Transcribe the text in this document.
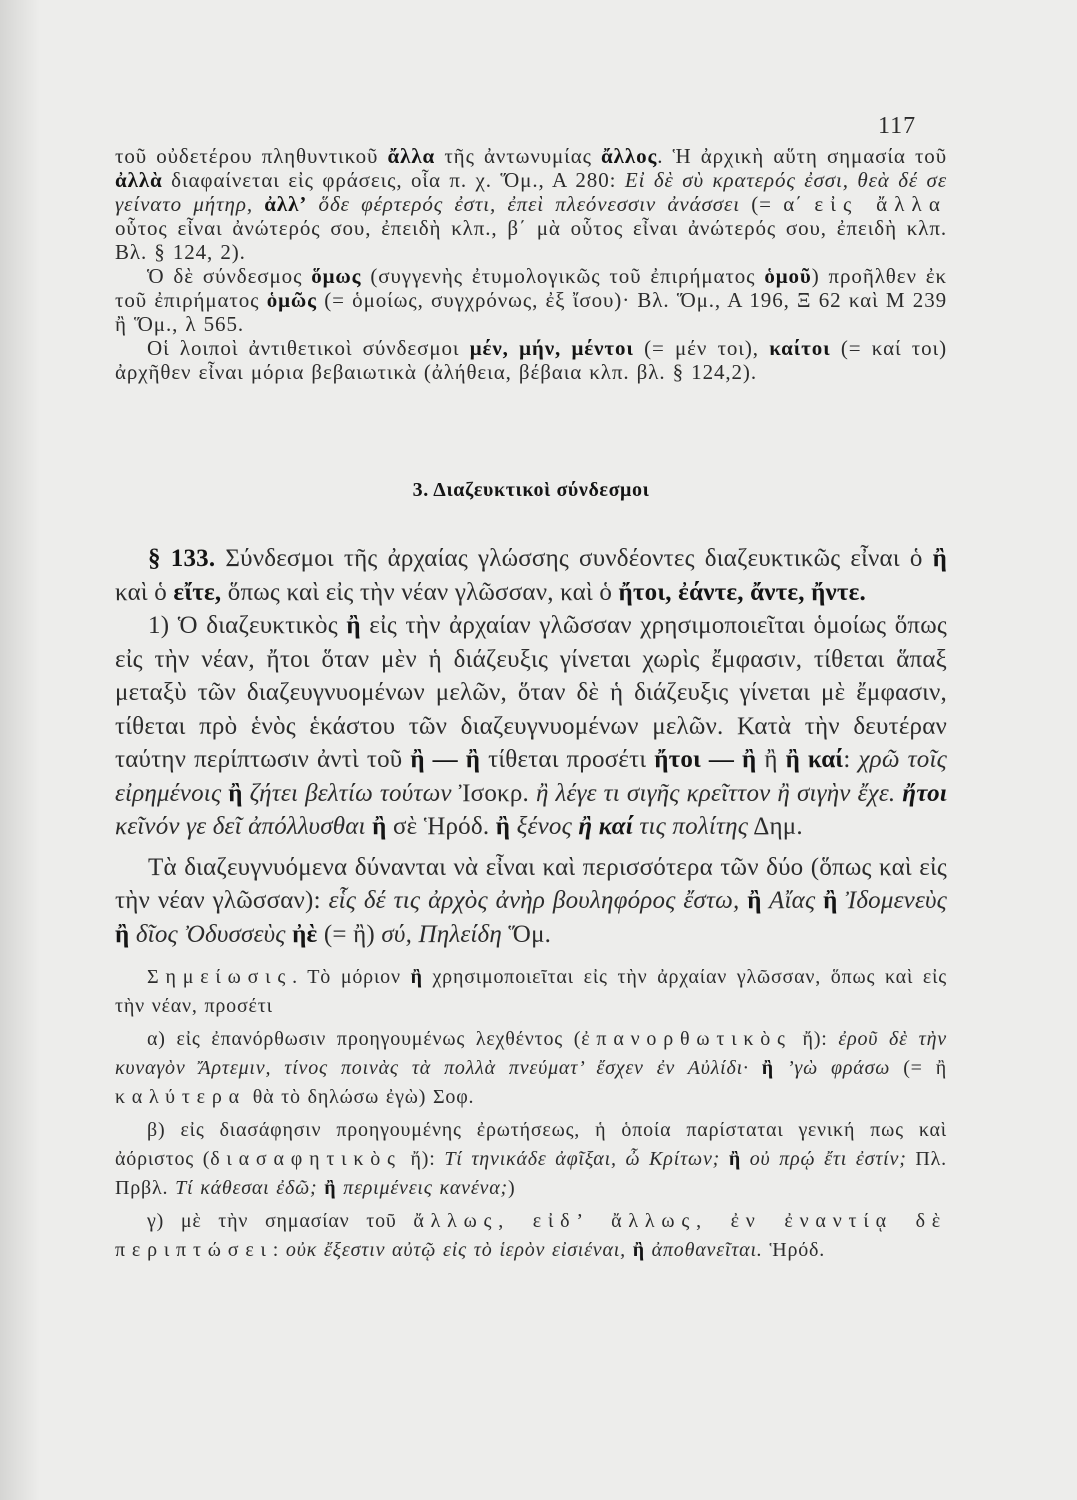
117

τοῦ οὐδετέρου πληθυντικοῦ ἄλλα τῆς ἀντωνυμίας ἄλλος. Ἡ ἀρχικὴ αὕτη σημασία τοῦ ἀλλὰ διαφαίνεται εἰς φράσεις, οἷα π. χ. Ὅμ., Α 280: Εἰ δὲ σὺ κρατερός ἐσσι, θεὰ δέ σε γείνατο μήτηρ, ἀλλ’ ὅδε φέρτερός ἐστι, ἐπεὶ πλεόνεσσιν ἀνάσσει (= α΄ εἰς ἄλλα οὗτος εἶναι ἀνώτερός σου, ἐπειδὴ κλπ., β΄ μὰ οὗτος εἶναι ἀνώτερός σου, ἐπειδὴ κλπ. Βλ. § 124, 2).

Ὁ δὲ σύνδεσμος ὅμως (συγγενὴς ἐτυμολογικῶς τοῦ ἐπιρήματος ὁμοῦ) προῆλθεν ἐκ τοῦ ἐπιρήματος ὁμῶς (= ὁμοίως, συγχρόνως, ἐξ ἴσου)· Βλ. Ὅμ., Α 196, Ξ 62 καὶ Μ 239 ἢ Ὅμ., λ 565.

Οἱ λοιποὶ ἀντιθετικοὶ σύνδεσμοι μέν, μήν, μέντοι (= μέν τοι), καίτοι (= καί τοι) ἀρχῆθεν εἶναι μόρια βεβαιωτικὰ (ἀλήθεια, βέβαια κλπ. βλ. § 124,2).

3. Διαζευκτικοὶ σύνδεσμοι

§ 133. Σύνδεσμοι τῆς ἀρχαίας γλώσσης συνδέοντες διαζευκτικῶς εἶναι ὁ ἢ καὶ ὁ εἴτε, ὅπως καὶ εἰς τὴν νέαν γλῶσσαν, καὶ ὁ ἤτοι, ἐάντε, ἄντε, ἤντε.

1) Ὁ διαζευκτικὸς ἢ εἰς τὴν ἀρχαίαν γλῶσσαν χρησιμοποιεῖται ὁμοίως ὅπως εἰς τὴν νέαν, ἤτοι ὅταν μὲν ἡ διάζευξις γίνεται χωρὶς ἔμφασιν, τίθεται ἅπαξ μεταξὺ τῶν διαζευγνυομένων μελῶν, ὅταν δὲ ἡ διάζευξις γίνεται μὲ ἔμφασιν, τίθεται πρὸ ἑνὸς ἑκάστου τῶν διαζευγνυομένων μελῶν. Κατὰ τὴν δευτέραν ταύτην περίπτωσιν ἀντὶ τοῦ ἢ — ἢ τίθεται προσέτι ἤτοι — ἢ ἢ ἢ καί: χρῶ τοῖς εἰρημένοις ἢ ζήτει βελτίω τούτων Ἰσοκρ. ἢ λέγε τι σιγῆς κρεῖττον ἢ σιγὴν ἔχε. ἤτοι κεῖνόν γε δεῖ ἀπόλλυσθαι ἢ σὲ Ἡρόδ. ἢ ξένος ἢ καί τις πολίτης Δημ.

Τὰ διαζευγνυόμενα δύνανται νὰ εἶναι καὶ περισσότερα τῶν δύο (ὅπως καὶ εἰς τὴν νέαν γλῶσσαν): εἷς δέ τις ἀρχὸς ἀνὴρ βουληφόρος ἔστω, ἢ Αἴας ἢ Ἰδομενεὺς ἢ δῖος Ὀδυσσεὺς ἠὲ (= ἢ) σύ, Πηλείδη Ὅμ.

Σημείωσις. Τὸ μόριον ἢ χρησιμοποιεῖται εἰς τὴν ἀρχαίαν γλῶσσαν, ὅπως καὶ εἰς τὴν νέαν, προσέτι

α) εἰς ἐπανόρθωσιν προηγουμένως λεχθέντος (ἐπανορθωτικὸς ἤ): ἐροῦ δὲ τὴν κυναγὸν Ἄρτεμιν, τίνος ποινὰς τὰ πολλὰ πνεύματ’ ἔσχεν ἐν Αὐλίδι· ἢ ’γὼ φράσω (= ἢ καλύτερα θὰ τὸ δηλώσω ἐγὼ) Σοφ.

β) εἰς διασάφησιν προηγουμένης ἐρωτήσεως, ἡ ὁποία παρίσταται γενική πως καὶ ἀόριστος (διασαφητικὸς ἤ): Τί τηνικάδε ἀφῖξαι, ὦ Κρίτων; ἢ οὐ πρῴ ἔτι ἐστίν; Πλ. Πρβλ. Τί κάθεσαι ἐδῶ; ἢ περιμένεις κανένα;)

γ) μὲ τὴν σημασίαν τοῦ ἄλλως, εἰδ’ ἄλλως, ἐν ἐναντίᾳ δὲ περιπτώσει: οὐκ ἔξεστιν αὐτῷ εἰς τὸ ἱερὸν εἰσιέναι, ἢ ἀποθανεῖται. Ἡρόδ.
